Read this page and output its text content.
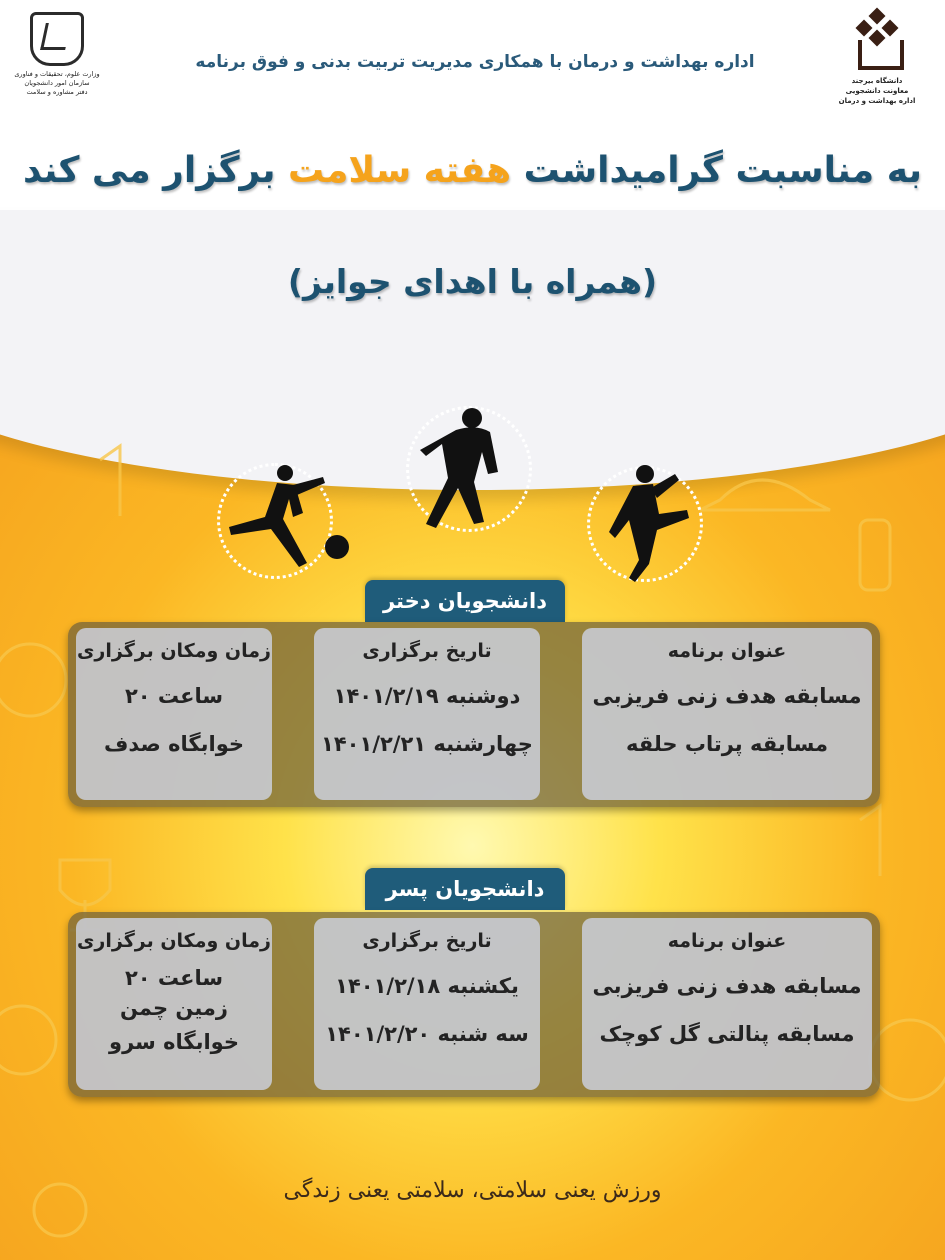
وزارت علوم، تحقیقات و فناوری
سازمان امور دانشجویان
دفتر مشاوره و سلامت
دانشگاه بیرجند
معاونت دانشجویی
اداره بهداشت و درمان
اداره بهداشت و درمان با همکاری مدیریت تربیت بدنی و فوق برنامه
به مناسبت گرامیداشت هفته سلامت برگزار می کند
(همراه با اهدای جوایز)
دانشجویان دختر
عنوان برنامه
مسابقه هدف زنی فریزبی
مسابقه پرتاب حلقه
تاریخ برگزاری
دوشنبه ۱۴۰۱/۲/۱۹
چهارشنبه ۱۴۰۱/۲/۲۱
زمان ومکان برگزاری
ساعت ۲۰
خوابگاه صدف
دانشجویان پسر
عنوان برنامه
مسابقه هدف زنی فریزبی
مسابقه پنالتی گل کوچک
تاریخ برگزاری
یکشنبه ۱۴۰۱/۲/۱۸
سه شنبه ۱۴۰۱/۲/۲۰
زمان ومکان برگزاری
ساعت ۲۰
زمین چمن
خوابگاه سرو
ورزش یعنی سلامتی، سلامتی یعنی زندگی
